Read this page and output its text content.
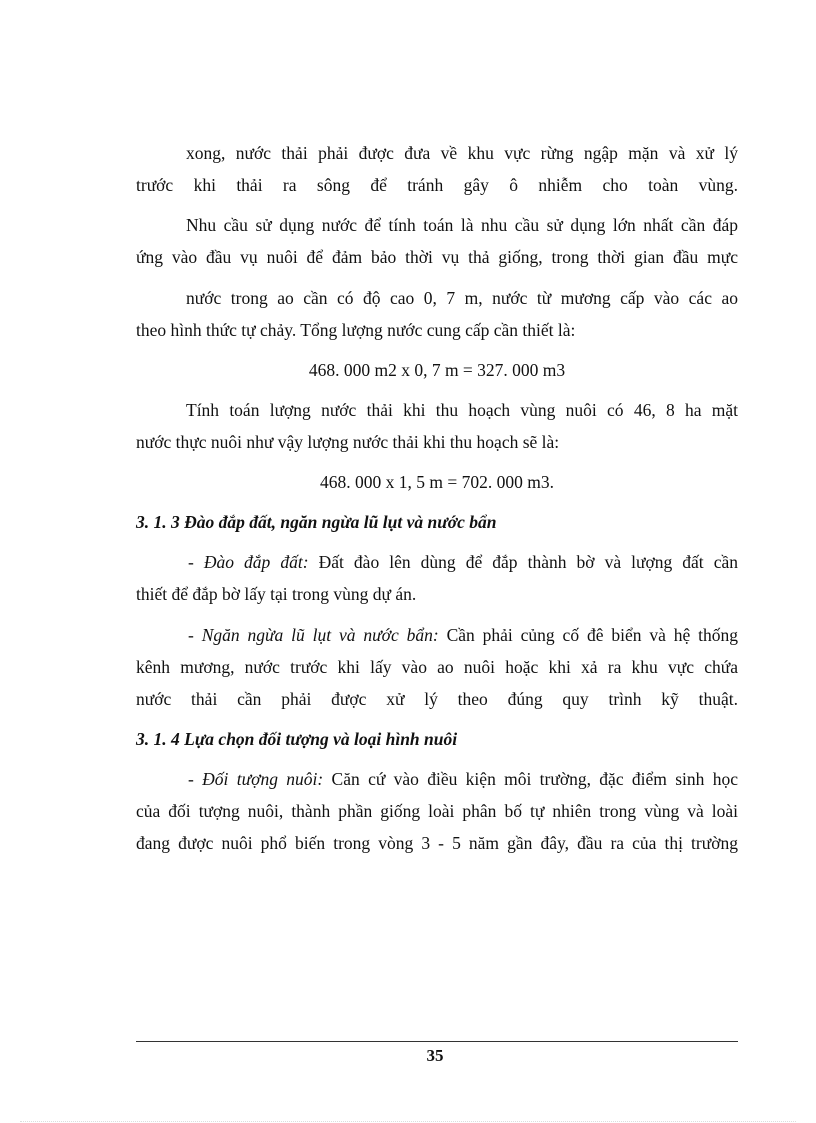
xong, nước thải phải được đưa về khu vực rừng ngập mặn và xử lý
trước khi thải ra sông để tránh gây ô nhiễm cho toàn vùng.
Nhu cầu sử dụng nước để tính toán là nhu cầu sử dụng lớn nhất cần đáp
ứng vào đầu vụ nuôi để đảm bảo thời vụ thả giống, trong thời gian đầu mực
nước trong ao cần có độ cao 0, 7 m, nước từ mương cấp vào các ao
theo hình thức tự chảy. Tổng lượng nước cung cấp cần thiết là:
468. 000 m2 x 0, 7 m = 327. 000 m3
Tính toán lượng nước thải khi thu hoạch vùng nuôi có 46, 8 ha mặt
nước thực nuôi như vậy lượng nước thải khi thu hoạch sẽ là:
468. 000 x 1, 5 m = 702. 000 m3.
3. 1. 3 Đào đắp đất, ngăn ngừa lũ lụt và nước bẩn
- Đào đắp đất: Đất đào lên dùng để đắp thành bờ và lượng đất cần
thiết để đắp bờ lấy tại trong vùng dự án.
- Ngăn ngừa lũ lụt và nước bẩn: Cần phải củng cố đê biển và hệ thống
kênh mương, nước trước khi lấy vào ao nuôi hoặc khi xả ra khu vực chứa
nước thải cần phải được xử lý theo đúng quy trình kỹ thuật.
3. 1. 4 Lựa chọn đối tượng và loại hình nuôi
- Đối tượng nuôi: Căn cứ vào điều kiện môi trường, đặc điểm sinh học
của đối tượng nuôi, thành phần giống loài phân bố tự nhiên trong vùng và loài
đang được nuôi phổ biến trong vòng 3 - 5 năm gần đây, đầu ra của thị trường
35
